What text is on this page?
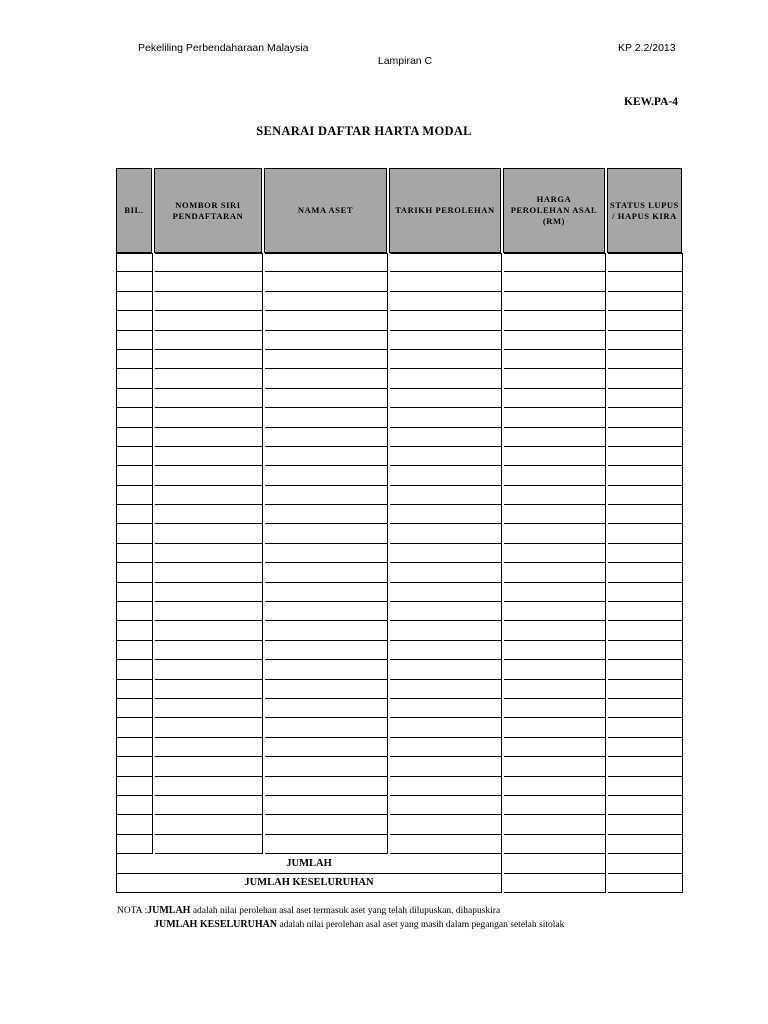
Pekeliling Perbendaharaan Malaysia	KP 2.2/2013
Lampiran C
KEW.PA-4
SENARAI DAFTAR HARTA MODAL
BIL.
NOMBOR SIRI PENDAFTARAN
NAMA ASET	TARIKH PEROLEHAN
HARGA PEROLEHAN ASAL (RM)
STATUS LUPUS / HAPUS KIRA
JUMLAH
JUMLAH KESELURUHAN
NOTA :JUMLAH adalah nilai perolehan asal aset termasuk aset yang telah dilupuskan, dihapuskira
JUMLAH KESELURUHAN adalah nilai perolehan asal aset yang masih dalam pegangan setelah sitolak
